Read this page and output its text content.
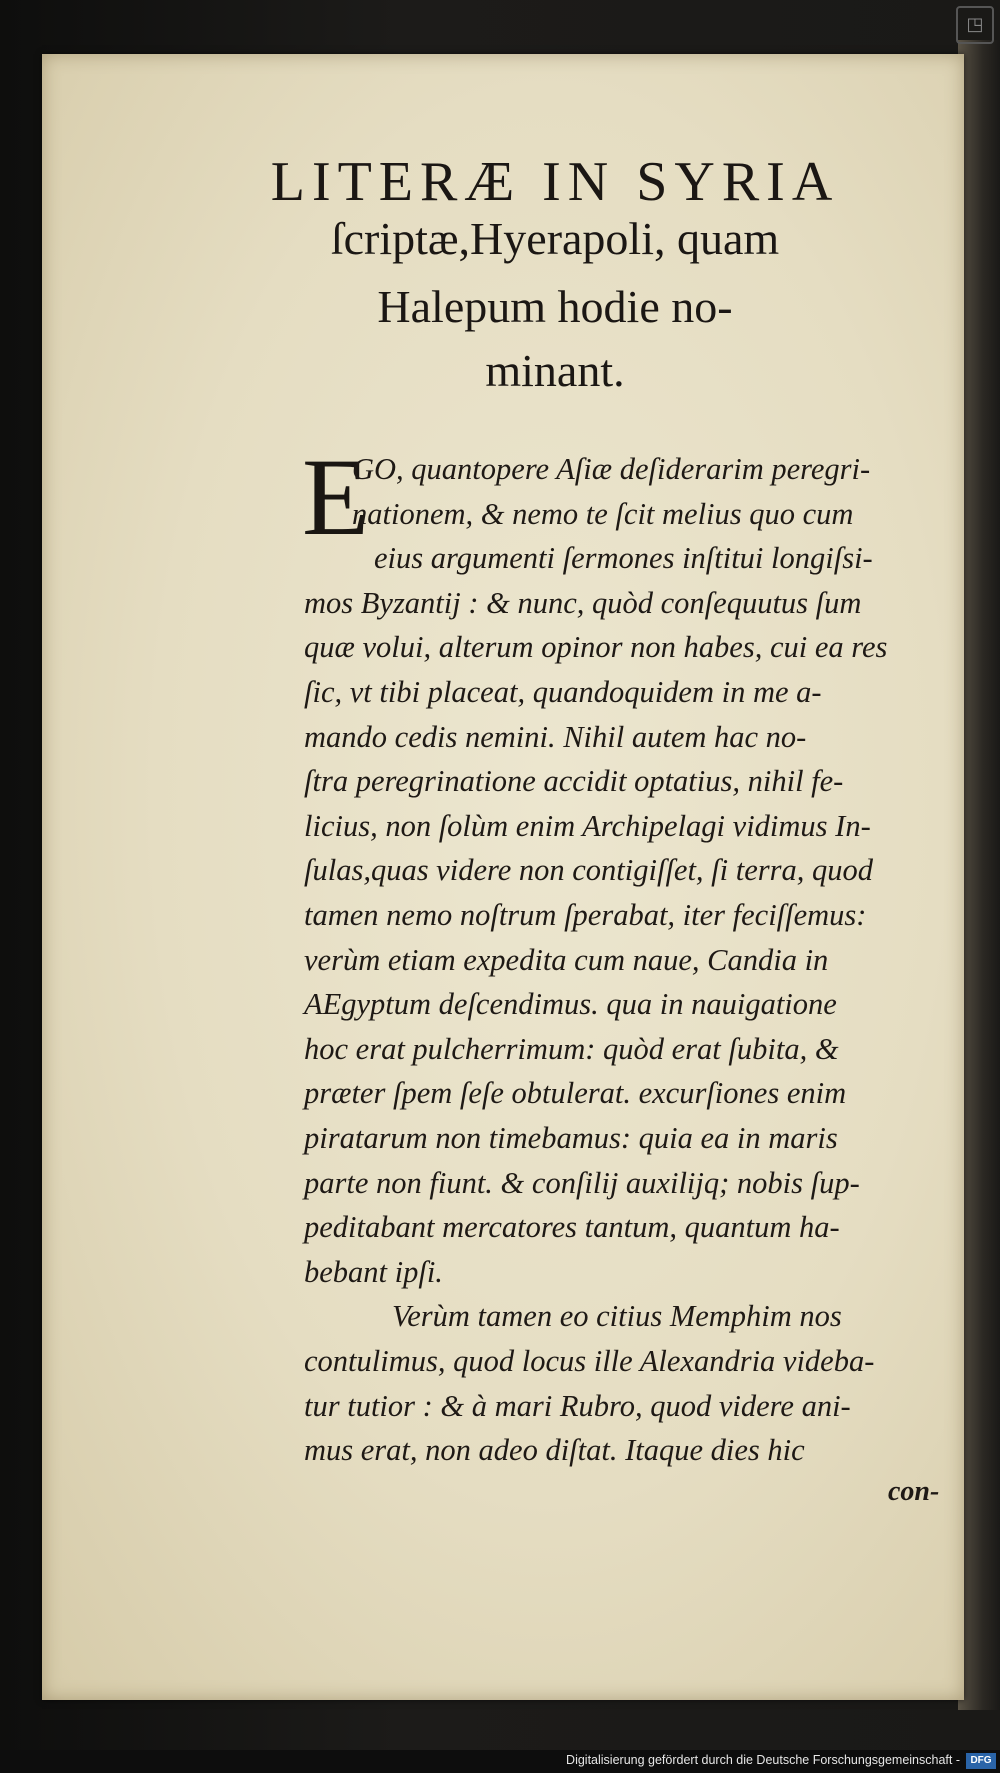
◳
LITERÆ IN SYRIA
ſcriptæ,Hyerapoli, quam
Halepum hodie no-
minant.
E
GO, quantopere Aſiæ deſiderarim peregri-
nationem, & nemo te ſcit melius quo cum
eius argumenti ſermones inſtitui longiſsi-
mos Byzantij : & nunc, quòd conſequutus ſum
quæ volui, alterum opinor non habes, cui ea res
ſic, vt tibi placeat, quandoquidem in me a-
mando cedis nemini. Nihil autem hac no-
ſtra peregrinatione accidit optatius, nihil fe-
licius, non ſolùm enim Archipelagi vidimus In-
ſulas,quas videre non contigiſſet, ſi terra, quod
tamen nemo noſtrum ſperabat, iter feciſſemus:
verùm etiam expedita cum naue, Candia in
AEgyptum deſcendimus. qua in nauigatione
hoc erat pulcherrimum: quòd erat ſubita, &
præter ſpem ſeſe obtulerat. excurſiones enim
piratarum non timebamus: quia ea in maris
parte non fiunt. & conſilij auxilijq; nobis ſup-
peditabant mercatores tantum, quantum ha-
bebant ipſi.
Verùm tamen eo citius Memphim nos
contulimus, quod locus ille Alexandria videba-
tur tutior : & à mari Rubro, quod videre ani-
mus erat, non adeo diſtat. Itaque dies hic
con-
Digitalisierung gefördert durch die Deutsche Forschungsgemeinschaft -	DFG
